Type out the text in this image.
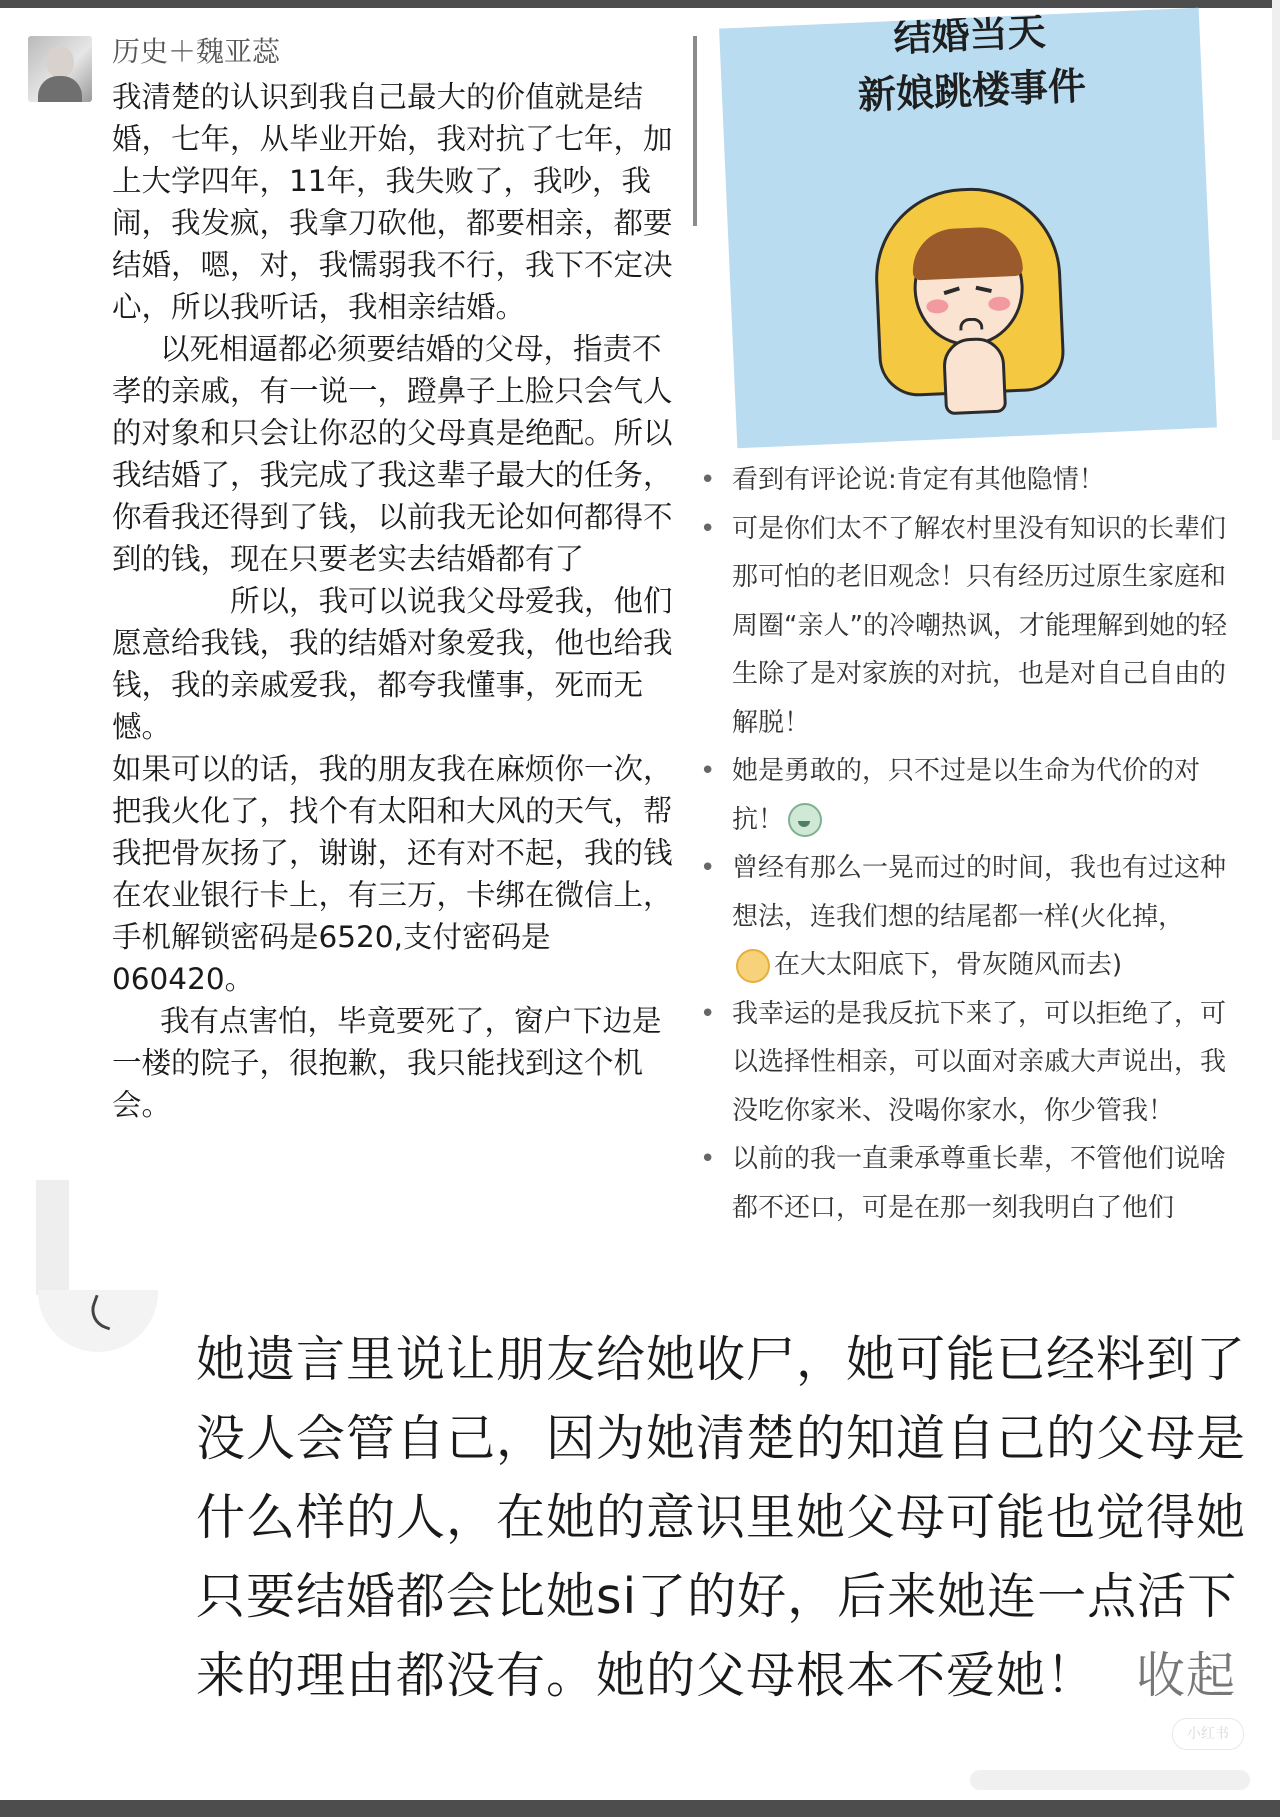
历史＋魏亚蕊

我清楚的认识到我自己最大的价值就是结婚，七年，从毕业开始，我对抗了七年，加上大学四年，11年，我失败了，我吵，我闹，我发疯，我拿刀砍他，都要相亲，都要结婚，嗯，对，我懦弱我不行，我下不定决心，所以我听话，我相亲结婚。

以死相逼都必须要结婚的父母，指责不孝的亲戚，有一说一，蹬鼻子上脸只会气人的对象和只会让你忍的父母真是绝配。所以我结婚了，我完成了我这辈子最大的任务，你看我还得到了钱，以前我无论如何都得不到的钱，现在只要老实去结婚都有了所以，我可以说我父母爱我，他们愿意给我钱，我的结婚对象爱我，他也给我钱，我的亲戚爱我，都夸我懂事，死而无憾。

如果可以的话，我的朋友我在麻烦你一次，把我火化了，找个有太阳和大风的天气，帮我把骨灰扬了，谢谢，还有对不起，我的钱在农业银行卡上，有三万，卡绑在微信上，手机解锁密码是6520,支付密码是060420。

我有点害怕，毕竟要死了，窗户下边是一楼的院子，很抱歉，我只能找到这个机会。

结婚当天
新娘跳楼事件
• 看到有评论说:肯定有其他隐情！
• 可是你们太不了解农村里没有知识的长辈们那可怕的老旧观念！只有经历过原生家庭和周圈“亲人”的冷嘲热讽，才能理解到她的轻生除了是对家族的对抗，也是对自己自由的解脱！
• 她是勇敢的，只不过是以生命为代价的对抗！
• 曾经有那么一晃而过的时间，我也有过这种想法，连我们想的结尾都一样(火化掉，
在大太阳底下，骨灰随风而去)
• 我幸运的是我反抗下来了，可以拒绝了，可以选择性相亲，可以面对亲戚大声说出，我没吃你家米、没喝你家水，你少管我！
• 以前的我一直秉承尊重长辈，不管他们说啥都不还口，可是在那一刻我明白了他们
她遗言里说让朋友给她收尸，她可能已经料到了没人会管自己，因为她清楚的知道自己的父母是什么样的人，在她的意识里她父母可能也觉得她只要结婚都会比她si了的好，后来她连一点活下来的理由都没有。她的父母根本不爱她！ 收起
小红书
